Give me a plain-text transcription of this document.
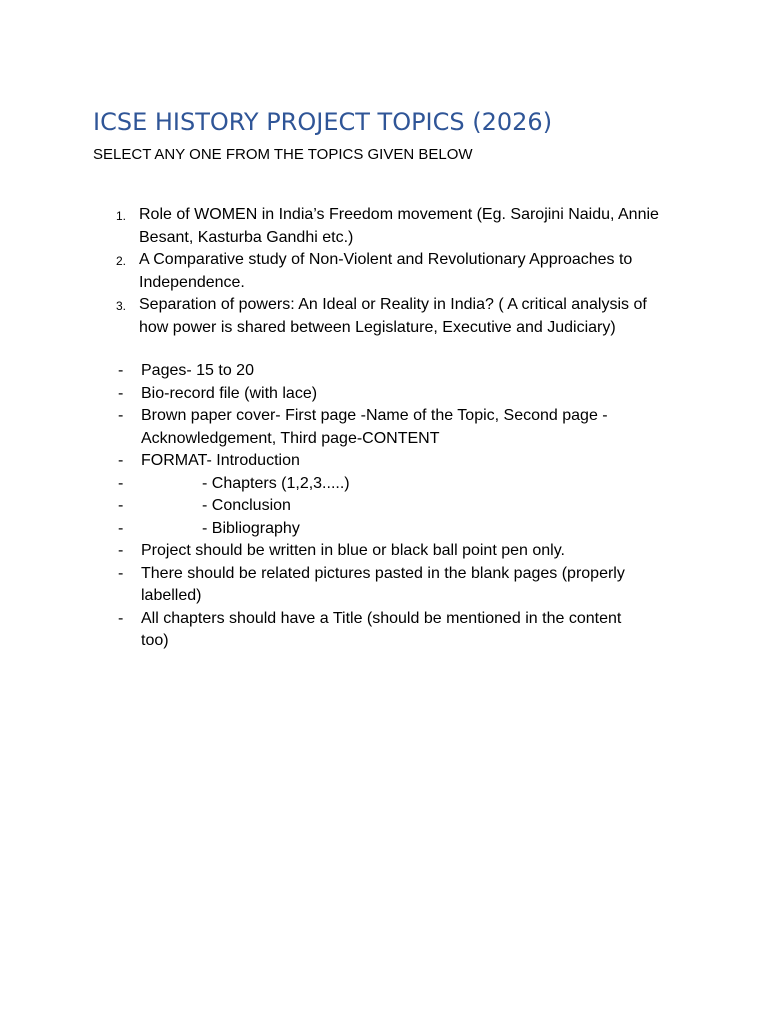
ICSE HISTORY PROJECT TOPICS (2026)
SELECT ANY ONE FROM THE TOPICS GIVEN BELOW
1. Role of WOMEN in India’s Freedom movement (Eg. Sarojini Naidu, Annie Besant, Kasturba Gandhi etc.)
2. A Comparative study of Non-Violent and Revolutionary Approaches to Independence.
3. Separation of powers: An Ideal or Reality in India? ( A critical analysis of how power is shared between Legislature, Executive and Judiciary)
- Pages- 15 to 20
- Bio-record file (with lace)
- Brown paper cover- First page -Name of the Topic, Second page - Acknowledgement, Third page-CONTENT
- FORMAT- Introduction
-	- Chapters (1,2,3.....)
-	- Conclusion
-	- Bibliography
- Project should be written in blue or black ball point pen only.
- There should be related pictures pasted in the blank pages (properly labelled)
- All chapters should have a Title (should be mentioned in the content too)
